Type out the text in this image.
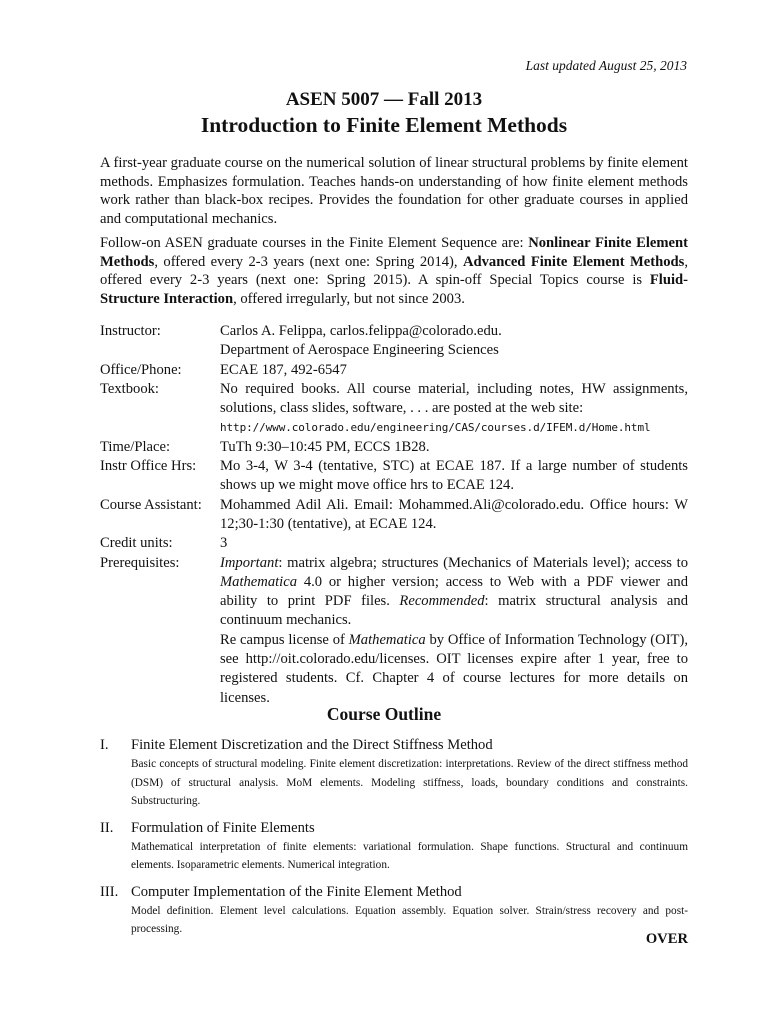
Last updated August 25, 2013
ASEN 5007 — Fall 2013
Introduction to Finite Element Methods

A first-year graduate course on the numerical solution of linear structural problems by finite element methods. Emphasizes formulation. Teaches hands-on understanding of how finite element methods work rather than black-box recipes. Provides the foundation for other graduate courses in applied and computational mechanics.

Follow-on ASEN graduate courses in the Finite Element Sequence are: Nonlinear Finite Element Methods, offered every 2-3 years (next one: Spring 2014), Advanced Finite Element Methods, offered every 2-3 years (next one: Spring 2015). A spin-off Special Topics course is Fluid-Structure Interaction, offered irregularly, but not since 2003.

Instructor:	Carlos A. Felippa, carlos.felippa@colorado.edu.
Department of Aerospace Engineering Sciences
Office/Phone:	ECAE 187, 492-6547
Textbook:	No required books. All course material, including notes, HW assignments, solutions, class slides, software, . . . are posted at the web site:
http://www.colorado.edu/engineering/CAS/courses.d/IFEM.d/Home.html
Time/Place:	TuTh 9:30–10:45 PM, ECCS 1B28.
Instr Office Hrs:	Mo 3-4, W 3-4 (tentative, STC) at ECAE 187. If a large number of students shows up we might move office hrs to ECAE 124.
Course Assistant:	Mohammed Adil Ali. Email: Mohammed.Ali@colorado.edu. Office hours: W 12;30-1:30 (tentative), at ECAE 124.
Credit units:	3
Prerequisites:	Important: matrix algebra; structures (Mechanics of Materials level); access to Mathematica 4.0 or higher version; access to Web with a PDF viewer and ability to print PDF files. Recommended: matrix structural analysis and continuum mechanics.
Re campus license of Mathematica by Office of Information Technology (OIT), see http://oit.colorado.edu/licenses. OIT licenses expire after 1 year, free to registered students. Cf. Chapter 4 of course lectures for more details on licenses.
Course Outline
I.	Finite Element Discretization and the Direct Stiffness Method
Basic concepts of structural modeling. Finite element discretization: interpretations. Review of the direct stiffness method (DSM) of structural analysis. MoM elements. Modeling stiffness, loads, boundary conditions and constraints. Substructuring.
II.	Formulation of Finite Elements
Mathematical interpretation of finite elements: variational formulation. Shape functions. Structural and continuum elements. Isoparametric elements. Numerical integration.
III. Computer Implementation of the Finite Element Method
Model definition. Element level calculations. Equation assembly. Equation solver. Strain/stress recovery and post-processing.
OVER
